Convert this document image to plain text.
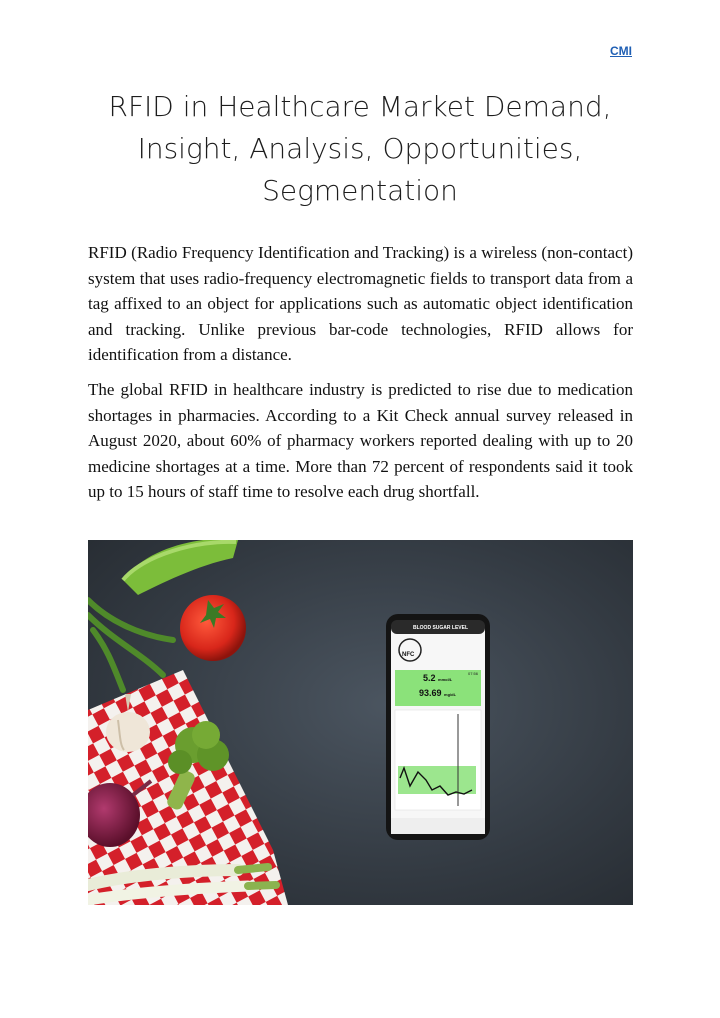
CMI
RFID in Healthcare Market Demand,
Insight, Analysis, Opportunities,
Segmentation

RFID (Radio Frequency Identification and Tracking) is a wireless (non-contact) system that uses radio-frequency electromagnetic fields to transport data from a tag affixed to an object for applications such as automatic object identification and tracking. Unlike previous bar-code technologies, RFID allows for identification from a distance.

The global RFID in healthcare industry is predicted to rise due to medication shortages in pharmacies. According to a Kit Check annual survey released in August 2020, about 60% of pharmacy workers reported dealing with up to 20 medicine shortages at a time. More than 72 percent of respondents said it took up to 15 hours of staff time to resolve each drug shortfall.

BLOOD SUGAR LEVEL
NFC
07:56
5.2 mmol/L
93.69 mg/dL
